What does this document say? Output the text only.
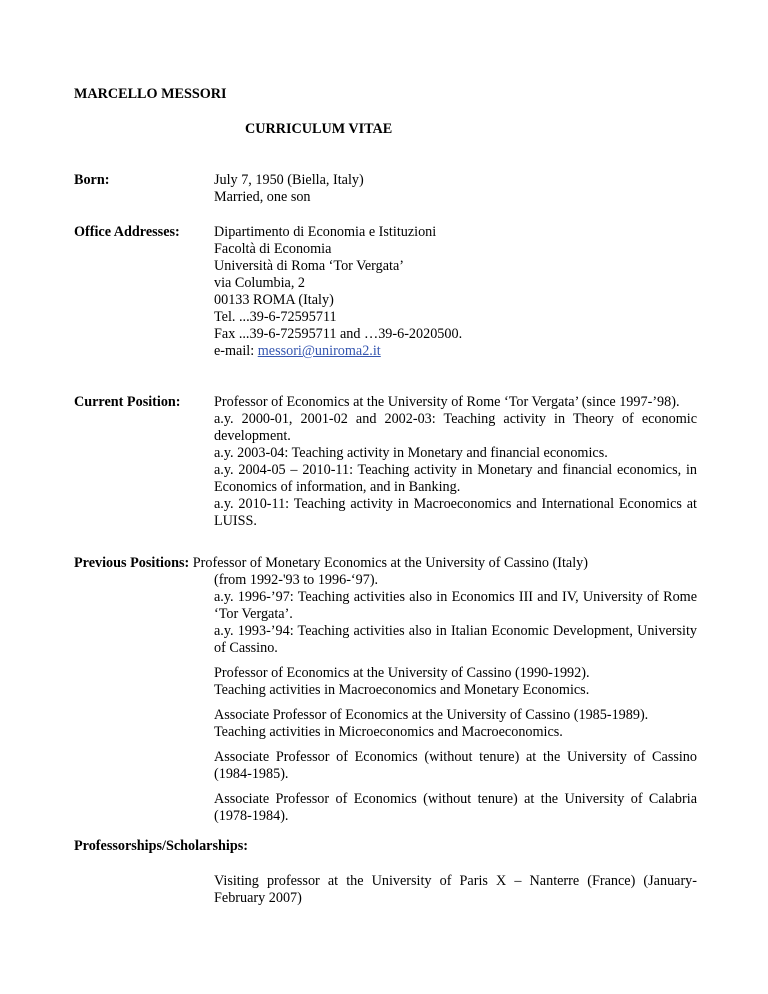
MARCELLO MESSORI
CURRICULUM VITAE
Born:	July 7, 1950 (Biella, Italy)
Married, one son
Office Addresses: Dipartimento di Economia e Istituzioni
Facoltà di Economia
Università di Roma ‘Tor Vergata’
via Columbia, 2
00133 ROMA (Italy)
Tel. ...39-6-72595711
Fax ...39-6-72595711 and …39-6-2020500.
e-mail: messori@uniroma2.it
Current Position: Professor of Economics at the University of Rome ‘Tor Vergata’ (since 1997-’98).
a.y. 2000-01, 2001-02 and 2002-03: Teaching activity in Theory of economic development.
a.y. 2003-04: Teaching activity in Monetary and financial economics.
a.y. 2004-05 – 2010-11: Teaching activity in Monetary and financial economics, in Economics of information, and in Banking.
a.y. 2010-11: Teaching activity in Macroeconomics and International Economics at LUISS.
Previous Positions: Professor of Monetary Economics at the University of Cassino (Italy)
(from 1992-'93 to 1996-‘97).
a.y. 1996-’97: Teaching activities also in Economics III and IV, University of Rome ‘Tor Vergata’.
a.y. 1993-’94: Teaching activities also in Italian Economic Development, University of Cassino.
Professor of Economics at the University of Cassino (1990-1992).
Teaching activities in Macroeconomics and Monetary Economics.
Associate Professor of Economics at the University of Cassino (1985-1989).
Teaching activities in Microeconomics and Macroeconomics.
Associate Professor of Economics (without tenure) at the University of Cassino (1984-1985).
Associate Professor of Economics (without tenure) at the University of Calabria (1978-1984).
Professorships/Scholarships:
Visiting professor at the University of Paris X – Nanterre (France) (January-February 2007)
